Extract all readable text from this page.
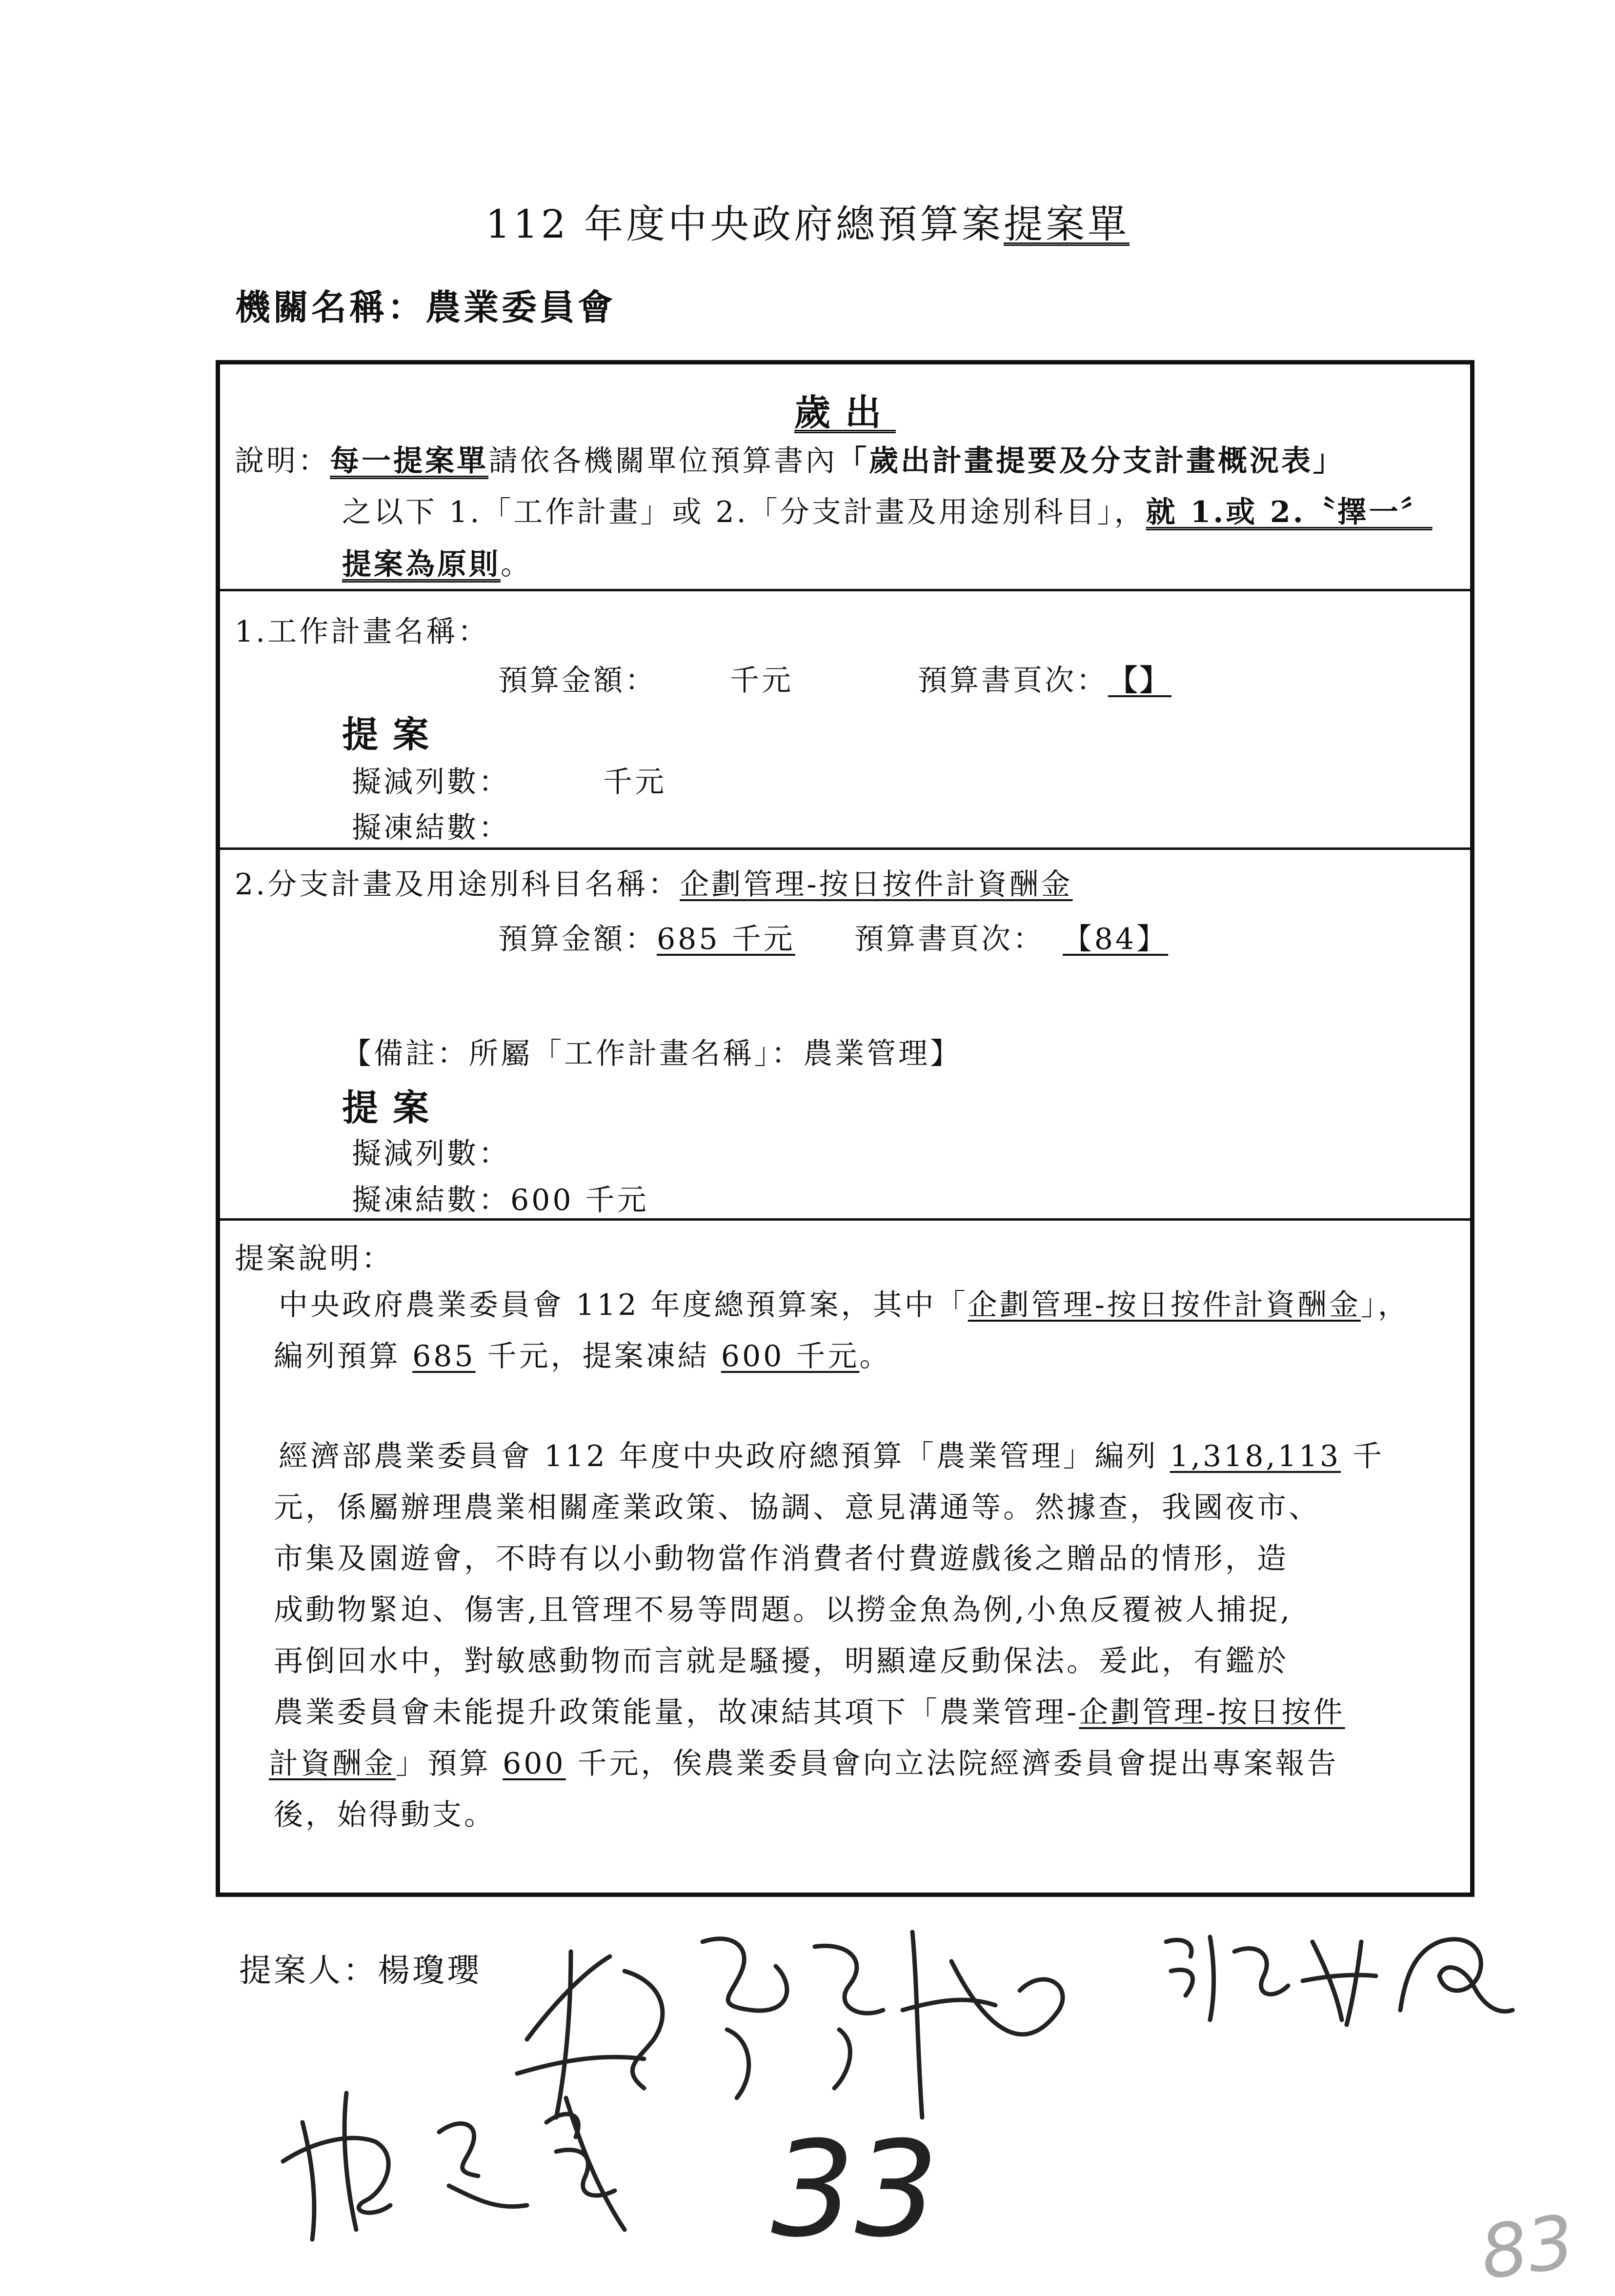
112 年度中央政府總預算案提案單
機關名稱：農業委員會
歲出
說明：每一提案單請依各機關單位預算書內「歲出計畫提要及分支計畫概況表」
之以下 1.「工作計畫」或 2.「分支計畫及用途別科目」，就 1.或 2.〝擇一〞
提案為原則。
1.工作計畫名稱：
預算金額：	千元	預算書頁次：【】
提案
擬減列數：	千元
擬凍結數：
2.分支計畫及用途別科目名稱：企劃管理-按日按件計資酬金
預算金額：685 千元 預算書頁次： 【84】
【備註：所屬「工作計畫名稱」：農業管理】
提案
擬減列數：
擬凍結數：600 千元
提案說明：
中央政府農業委員會 112 年度總預算案，其中「企劃管理-按日按件計資酬金」，
編列預算 685 千元，提案凍結 600 千元。
經濟部農業委員會 112 年度中央政府總預算「農業管理」編列 1,318,113 千
元，係屬辦理農業相關產業政策、協調、意見溝通等。然據查，我國夜市、
市集及園遊會，不時有以小動物當作消費者付費遊戲後之贈品的情形，造
成動物緊迫、傷害,且管理不易等問題。以撈金魚為例,小魚反覆被人捕捉,
再倒回水中，對敏感動物而言就是騷擾，明顯違反動保法。爰此，有鑑於
農業委員會未能提升政策能量，故凍結其項下「農業管理-企劃管理-按日按件
計資酬金」預算 600 千元，俟農業委員會向立法院經濟委員會提出專案報告
後，始得動支。
提案人：楊瓊瓔
33	83
